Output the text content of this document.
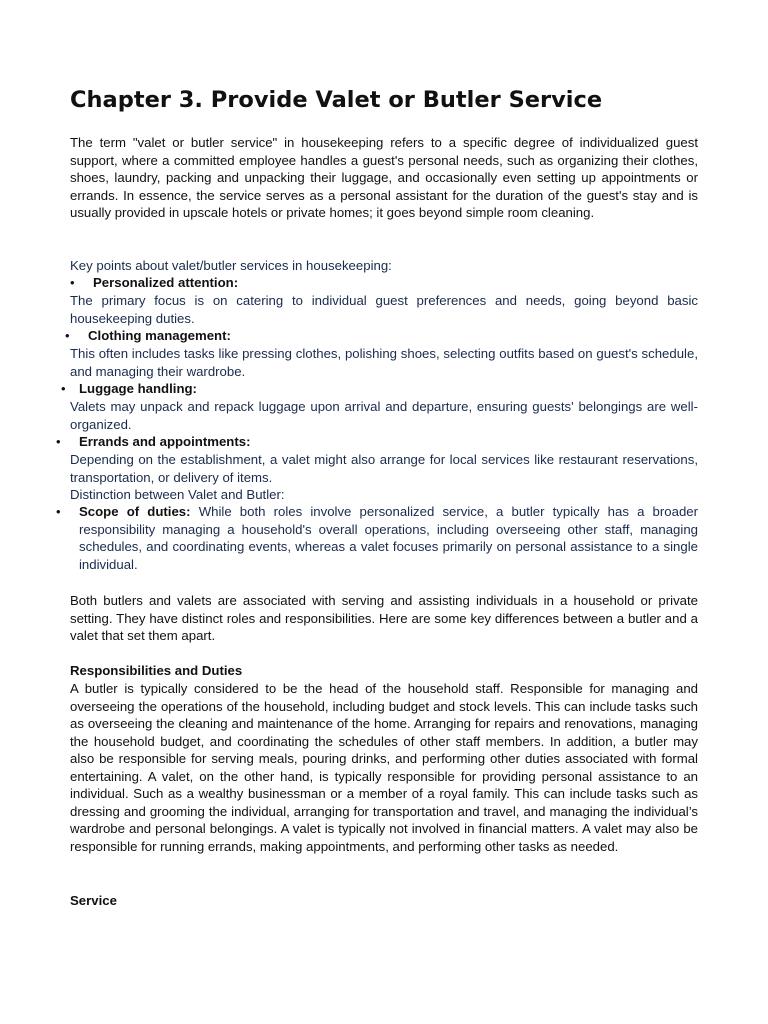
Chapter 3. Provide Valet or Butler Service

The term "valet or butler service" in housekeeping refers to a specific degree of individualized guest support, where a committed employee handles a guest's personal needs, such as organizing their clothes, shoes, laundry, packing and unpacking their luggage, and occasionally even setting up appointments or errands. In essence, the service serves as a personal assistant for the duration of the guest's stay and is usually provided in upscale hotels or private homes; it goes beyond simple room cleaning.

Key points about valet/butler services in housekeeping:

• Personalized attention:

The primary focus is on catering to individual guest preferences and needs, going beyond basic housekeeping duties.

• Clothing management:

This often includes tasks like pressing clothes, polishing shoes, selecting outfits based on guest's schedule, and managing their wardrobe.

• Luggage handling:

Valets may unpack and repack luggage upon arrival and departure, ensuring guests' belongings are well-organized.

• Errands and appointments:

Depending on the establishment, a valet might also arrange for local services like restaurant reservations, transportation, or delivery of items.

Distinction between Valet and Butler:

• Scope of duties: While both roles involve personalized service, a butler typically has a broader responsibility managing a household's overall operations, including overseeing other staff, managing schedules, and coordinating events, whereas a valet focuses primarily on personal assistance to a single individual.

Both butlers and valets are associated with serving and assisting individuals in a household or private setting. They have distinct roles and responsibilities. Here are some key differences between a butler and a valet that set them apart.

Responsibilities and Duties

A butler is typically considered to be the head of the household staff. Responsible for managing and overseeing the operations of the household, including budget and stock levels. This can include tasks such as overseeing the cleaning and maintenance of the home. Arranging for repairs and renovations, managing the household budget, and coordinating the schedules of other staff members. In addition, a butler may also be responsible for serving meals, pouring drinks, and performing other duties associated with formal entertaining. A valet, on the other hand, is typically responsible for providing personal assistance to an individual. Such as a wealthy businessman or a member of a royal family. This can include tasks such as dressing and grooming the individual, arranging for transportation and travel, and managing the individual’s wardrobe and personal belongings. A valet is typically not involved in financial matters. A valet may also be responsible for running errands, making appointments, and performing other tasks as needed.

Service
